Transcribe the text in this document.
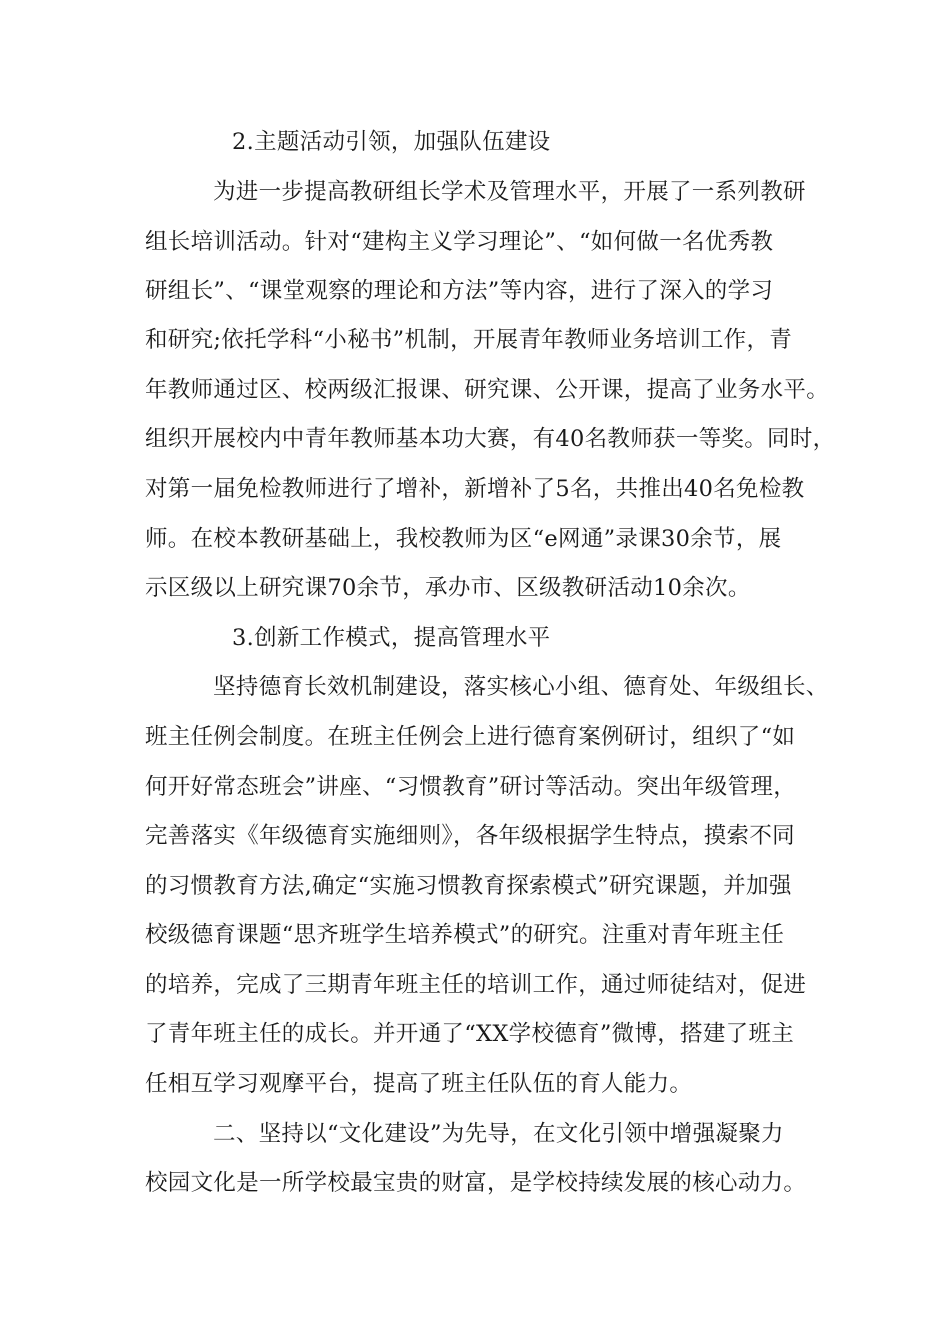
2.主题活动引领，加强队伍建设
为进一步提高教研组长学术及管理水平，开展了一系列教研
组长培训活动。针对“建构主义学习理论”、“如何做一名优秀教
研组长”、“课堂观察的理论和方法”等内容，进行了深入的学习
和研究;依托学科“小秘书”机制，开展青年教师业务培训工作，青
年教师通过区、校两级汇报课、研究课、公开课，提高了业务水平。
组织开展校内中青年教师基本功大赛，有40名教师获一等奖。同时，
对第一届免检教师进行了增补，新增补了5名，共推出40名免检教
师。在校本教研基础上，我校教师为区“e网通”录课30余节，展
示区级以上研究课70余节，承办市、区级教研活动10余次。
3.创新工作模式，提高管理水平
坚持德育长效机制建设，落实核心小组、德育处、年级组长、
班主任例会制度。在班主任例会上进行德育案例研讨，组织了“如
何开好常态班会”讲座、“习惯教育”研讨等活动。突出年级管理，
完善落实《年级德育实施细则》，各年级根据学生特点，摸索不同
的习惯教育方法,确定“实施习惯教育探索模式”研究课题，并加强
校级德育课题“思齐班学生培养模式”的研究。注重对青年班主任
的培养，完成了三期青年班主任的培训工作，通过师徒结对，促进
了青年班主任的成长。并开通了“XX学校德育”微博，搭建了班主
任相互学习观摩平台，提高了班主任队伍的育人能力。
二、坚持以“文化建设”为先导，在文化引领中增强凝聚力
校园文化是一所学校最宝贵的财富，是学校持续发展的核心动力。
